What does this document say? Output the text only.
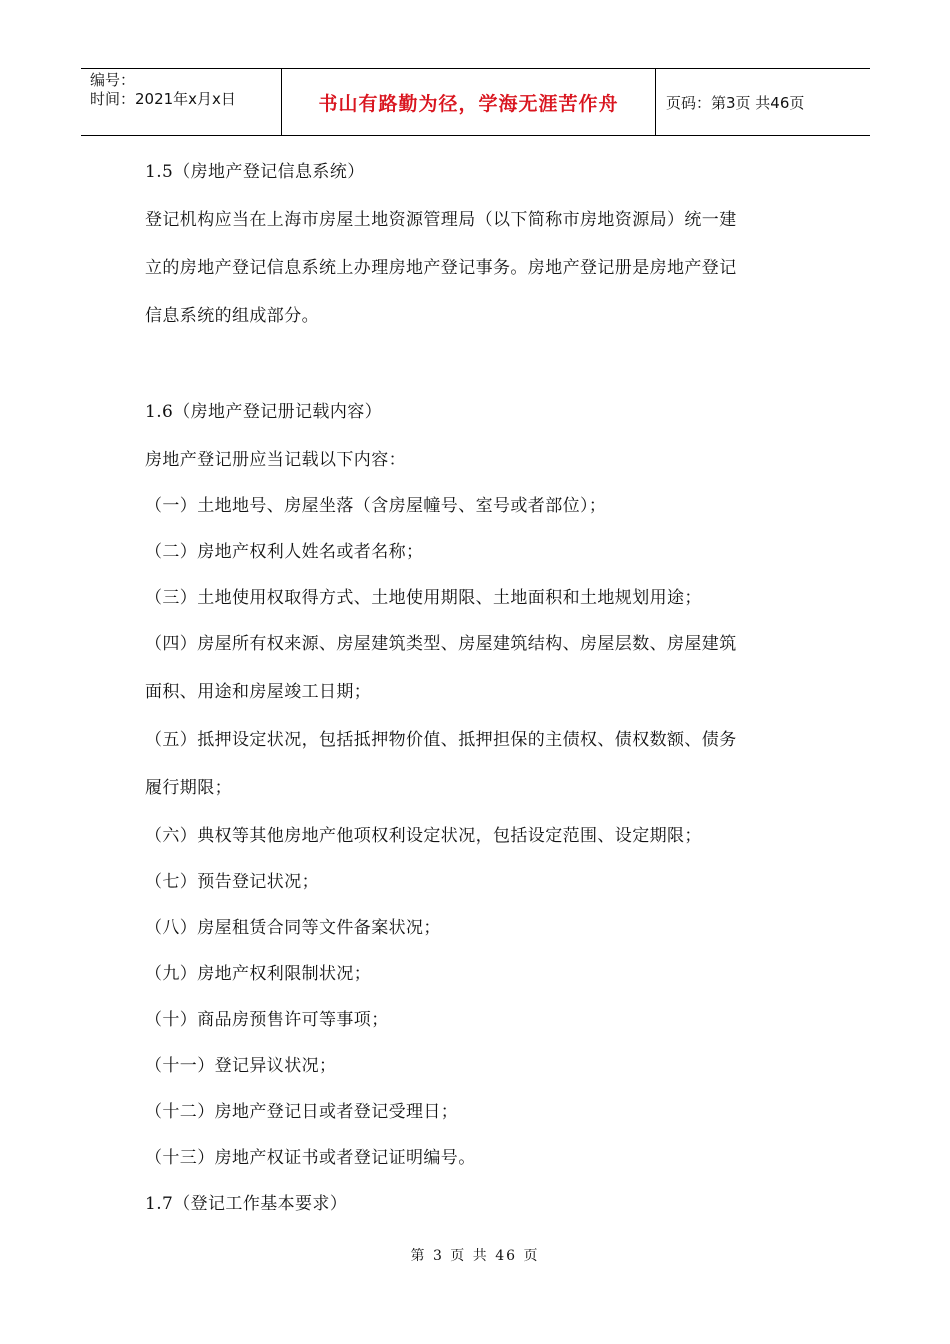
编号：
时间：2021年x月x日	书山有路勤为径，学海无涯苦作舟	页码：第3页 共46页
1.5（房地产登记信息系统）
登记机构应当在上海市房屋土地资源管理局（以下简称市房地资源局）统一建
立的房地产登记信息系统上办理房地产登记事务。房地产登记册是房地产登记
信息系统的组成部分。
1.6（房地产登记册记载内容）
房地产登记册应当记载以下内容：
（一）土地地号、房屋坐落（含房屋幢号、室号或者部位）；
（二）房地产权利人姓名或者名称；
（三）土地使用权取得方式、土地使用期限、土地面积和土地规划用途；
（四）房屋所有权来源、房屋建筑类型、房屋建筑结构、房屋层数、房屋建筑
面积、用途和房屋竣工日期；
（五）抵押设定状况，包括抵押物价值、抵押担保的主债权、债权数额、债务
履行期限；
（六）典权等其他房地产他项权利设定状况，包括设定范围、设定期限；
（七）预告登记状况；
（八）房屋租赁合同等文件备案状况；
（九）房地产权利限制状况；
（十）商品房预售许可等事项；
（十一）登记异议状况；
（十二）房地产登记日或者登记受理日；
（十三）房地产权证书或者登记证明编号。
1.7（登记工作基本要求）
第 3 页 共 46 页
